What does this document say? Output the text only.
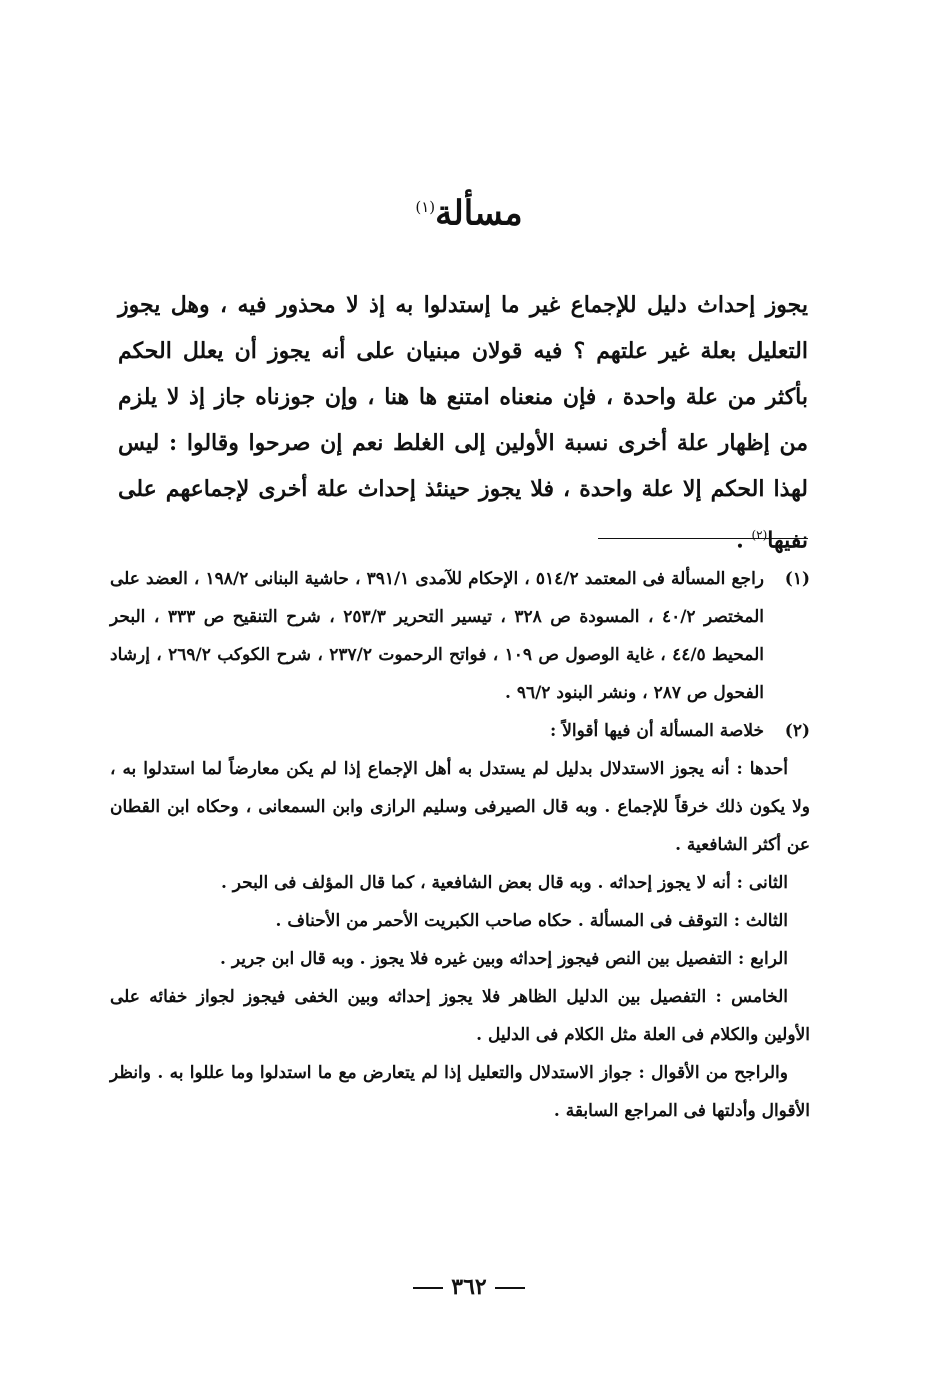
مسألة$^{(١)}$
يجوز إحداث دليل للإجماع غير ما إستدلوا به إذ لا محذور فيه ، وهل يجوز التعليل بعلة غير علتهم ؟ فيه قولان مبنيان على أنه يجوز أن يعلل الحكم بأكثر من علة واحدة ، فإن منعناه امتنع ها هنا ، وإن جوزناه جاز إذ لا يلزم من إظهار علة أخرى نسبة الأولين إلى الغلط نعم إن صرحوا وقالوا : ليس لهذا الحكم إلا علة واحدة ، فلا يجوز حينئذ إحداث علة أخرى لإجماعهم على نفيها$^{(٢)}$ .
(١)
راجع المسألة فى المعتمد ٥١٤/٢ ، الإحكام للآمدى ٣٩١/١ ، حاشية البنانى ١٩٨/٢ ، العضد على المختصر ٤٠/٢ ، المسودة ص ٣٢٨ ، تيسير التحرير ٢٥٣/٣ ، شرح التنقيح ص ٣٣٣ ، البحر المحيط ٤٤/٥ ، غاية الوصول ص ١٠٩ ، فواتح الرحموت ٢٣٧/٢ ، شرح الكوكب ٢٦٩/٢ ، إرشاد الفحول ص ٢٨٧ ، ونشر البنود ٩٦/٢ .
(٢)
خلاصة المسألة أن فيها أقوالاً :
أحدها : أنه يجوز الاستدلال بدليل لم يستدل به أهل الإجماع إذا لم يكن معارضاً لما استدلوا به ، ولا يكون ذلك خرقاً للإجماع . وبه قال الصيرفى وسليم الرازى وابن السمعانى ، وحكاه ابن القطان عن أكثر الشافعية .
الثانى : أنه لا يجوز إحداثه . وبه قال بعض الشافعية ، كما قال المؤلف فى البحر .
الثالث : التوقف فى المسألة . حكاه صاحب الكبريت الأحمر من الأحناف .
الرابع : التفصيل بين النص فيجوز إحداثه وبين غيره فلا يجوز . وبه قال ابن جرير .
الخامس : التفصيل بين الدليل الظاهر فلا يجوز إحداثه وبين الخفى فيجوز لجواز خفائه على الأولين والكلام فى العلة مثل الكلام فى الدليل .
والراجح من الأقوال : جواز الاستدلال والتعليل إذا لم يتعارض مع ما استدلوا وما عللوا به . وانظر الأقوال وأدلتها فى المراجع السابقة .
٣٦٢
